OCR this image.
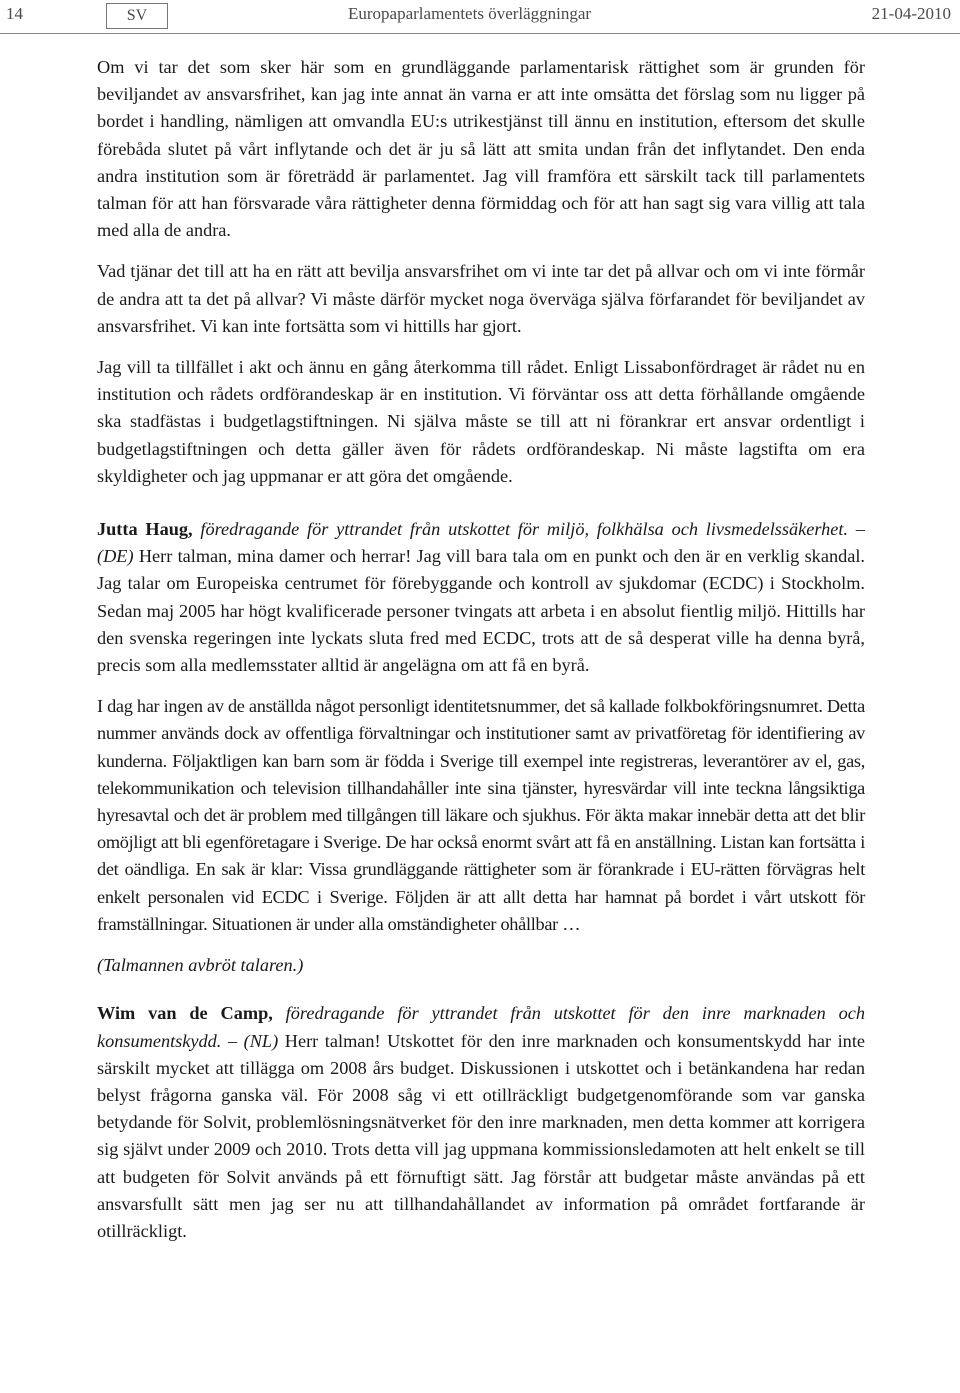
14	SV	Europaparlamentets överläggningar	21-04-2010

Om vi tar det som sker här som en grundläggande parlamentarisk rättighet som är grunden för beviljandet av ansvarsfrihet, kan jag inte annat än varna er att inte omsätta det förslag som nu ligger på bordet i handling, nämligen att omvandla EU:s utrikestjänst till ännu en institution, eftersom det skulle förebåda slutet på vårt inflytande och det är ju så lätt att smita undan från det inflytandet. Den enda andra institution som är företrädd är parlamentet. Jag vill framföra ett särskilt tack till parlamentets talman för att han försvarade våra rättigheter denna förmiddag och för att han sagt sig vara villig att tala med alla de andra.

Vad tjänar det till att ha en rätt att bevilja ansvarsfrihet om vi inte tar det på allvar och om vi inte förmår de andra att ta det på allvar? Vi måste därför mycket noga överväga själva förfarandet för beviljandet av ansvarsfrihet. Vi kan inte fortsätta som vi hittills har gjort.

Jag vill ta tillfället i akt och ännu en gång återkomma till rådet. Enligt Lissabonfördraget är rådet nu en institution och rådets ordförandeskap är en institution. Vi förväntar oss att detta förhållande omgående ska stadfästas i budgetlagstiftningen. Ni själva måste se till att ni förankrar ert ansvar ordentligt i budgetlagstiftningen och detta gäller även för rådets ordförandeskap. Ni måste lagstifta om era skyldigheter och jag uppmanar er att göra det omgående.

Jutta Haug, föredragande för yttrandet från utskottet för miljö, folkhälsa och livsmedelssäkerhet. – (DE) Herr talman, mina damer och herrar! Jag vill bara tala om en punkt och den är en verklig skandal. Jag talar om Europeiska centrumet för förebyggande och kontroll av sjukdomar (ECDC) i Stockholm. Sedan maj 2005 har högt kvalificerade personer tvingats att arbeta i en absolut fientlig miljö. Hittills har den svenska regeringen inte lyckats sluta fred med ECDC, trots att de så desperat ville ha denna byrå, precis som alla medlemsstater alltid är angelägna om att få en byrå.

I dag har ingen av de anställda något personligt identitetsnummer, det så kallade folkbokföringsnumret. Detta nummer används dock av offentliga förvaltningar och institutioner samt av privatföretag för identifiering av kunderna. Följaktligen kan barn som är födda i Sverige till exempel inte registreras, leverantörer av el, gas, telekommunikation och television tillhandahåller inte sina tjänster, hyresvärdar vill inte teckna långsiktiga hyresavtal och det är problem med tillgången till läkare och sjukhus. För äkta makar innebär detta att det blir omöjligt att bli egenföretagare i Sverige. De har också enormt svårt att få en anställning. Listan kan fortsätta i det oändliga. En sak är klar: Vissa grundläggande rättigheter som är förankrade i EU-rätten förvägras helt enkelt personalen vid ECDC i Sverige. Följden är att allt detta har hamnat på bordet i vårt utskott för framställningar. Situationen är under alla omständigheter ohållbar …

(Talmannen avbröt talaren.)

Wim van de Camp, föredragande för yttrandet från utskottet för den inre marknaden och konsumentskydd. – (NL) Herr talman! Utskottet för den inre marknaden och konsumentskydd har inte särskilt mycket att tillägga om 2008 års budget. Diskussionen i utskottet och i betänkandena har redan belyst frågorna ganska väl. För 2008 såg vi ett otillräckligt budgetgenomförande som var ganska betydande för Solvit, problemlösningsnätverket för den inre marknaden, men detta kommer att korrigera sig självt under 2009 och 2010. Trots detta vill jag uppmana kommissionsledamoten att helt enkelt se till att budgeten för Solvit används på ett förnuftigt sätt. Jag förstår att budgetar måste användas på ett ansvarsfullt sätt men jag ser nu att tillhandahållandet av information på området fortfarande är otillräckligt.
